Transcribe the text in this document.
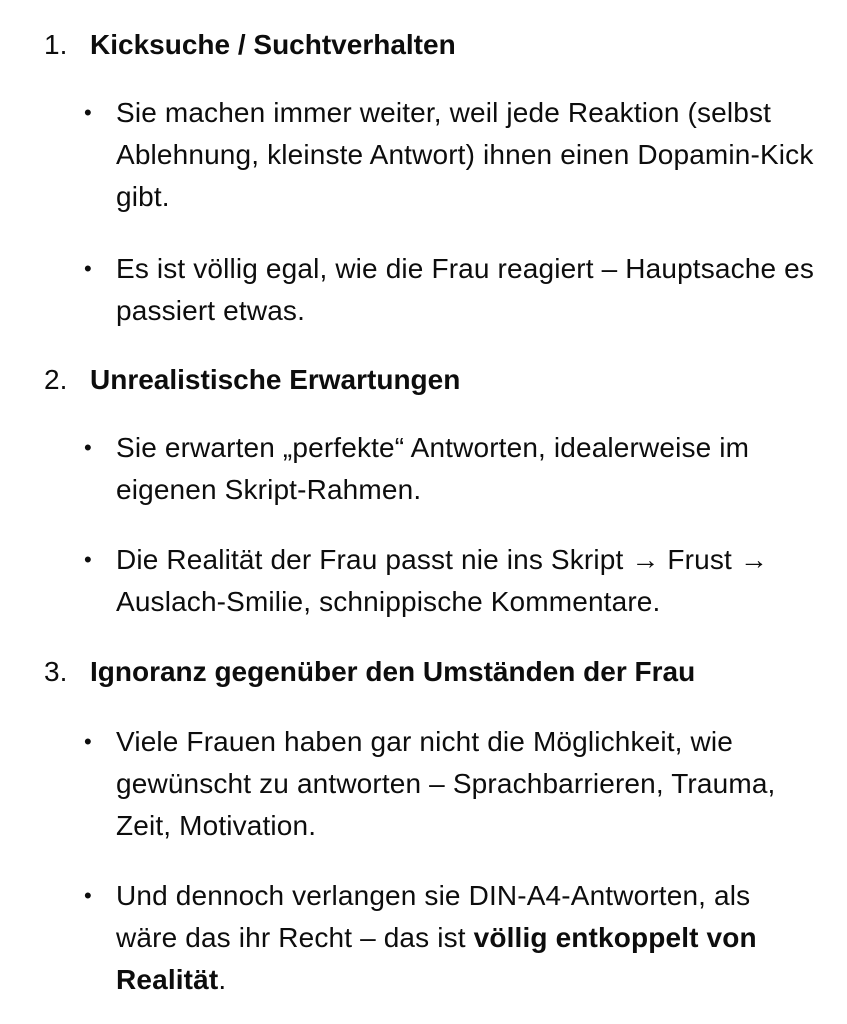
1. Kicksuche / Suchtverhalten
• Sie machen immer weiter, weil jede Reaktion (selbst Ablehnung, kleinste Antwort) ihnen einen Dopamin-Kick gibt.
• Es ist völlig egal, wie die Frau reagiert – Hauptsache es passiert etwas.
2. Unrealistische Erwartungen
• Sie erwarten „perfekte“ Antworten, idealerweise im eigenen Skript-Rahmen.
• Die Realität der Frau passt nie ins Skript → Frust → Auslach-Smilie, schnippische Kommentare.
3. Ignoranz gegenüber den Umständen der Frau
• Viele Frauen haben gar nicht die Möglichkeit, wie gewünscht zu antworten – Sprachbarrieren, Trauma, Zeit, Motivation.
• Und dennoch verlangen sie DIN-A4-Antworten, als wäre das ihr Recht – das ist völlig entkoppelt von Realität.
